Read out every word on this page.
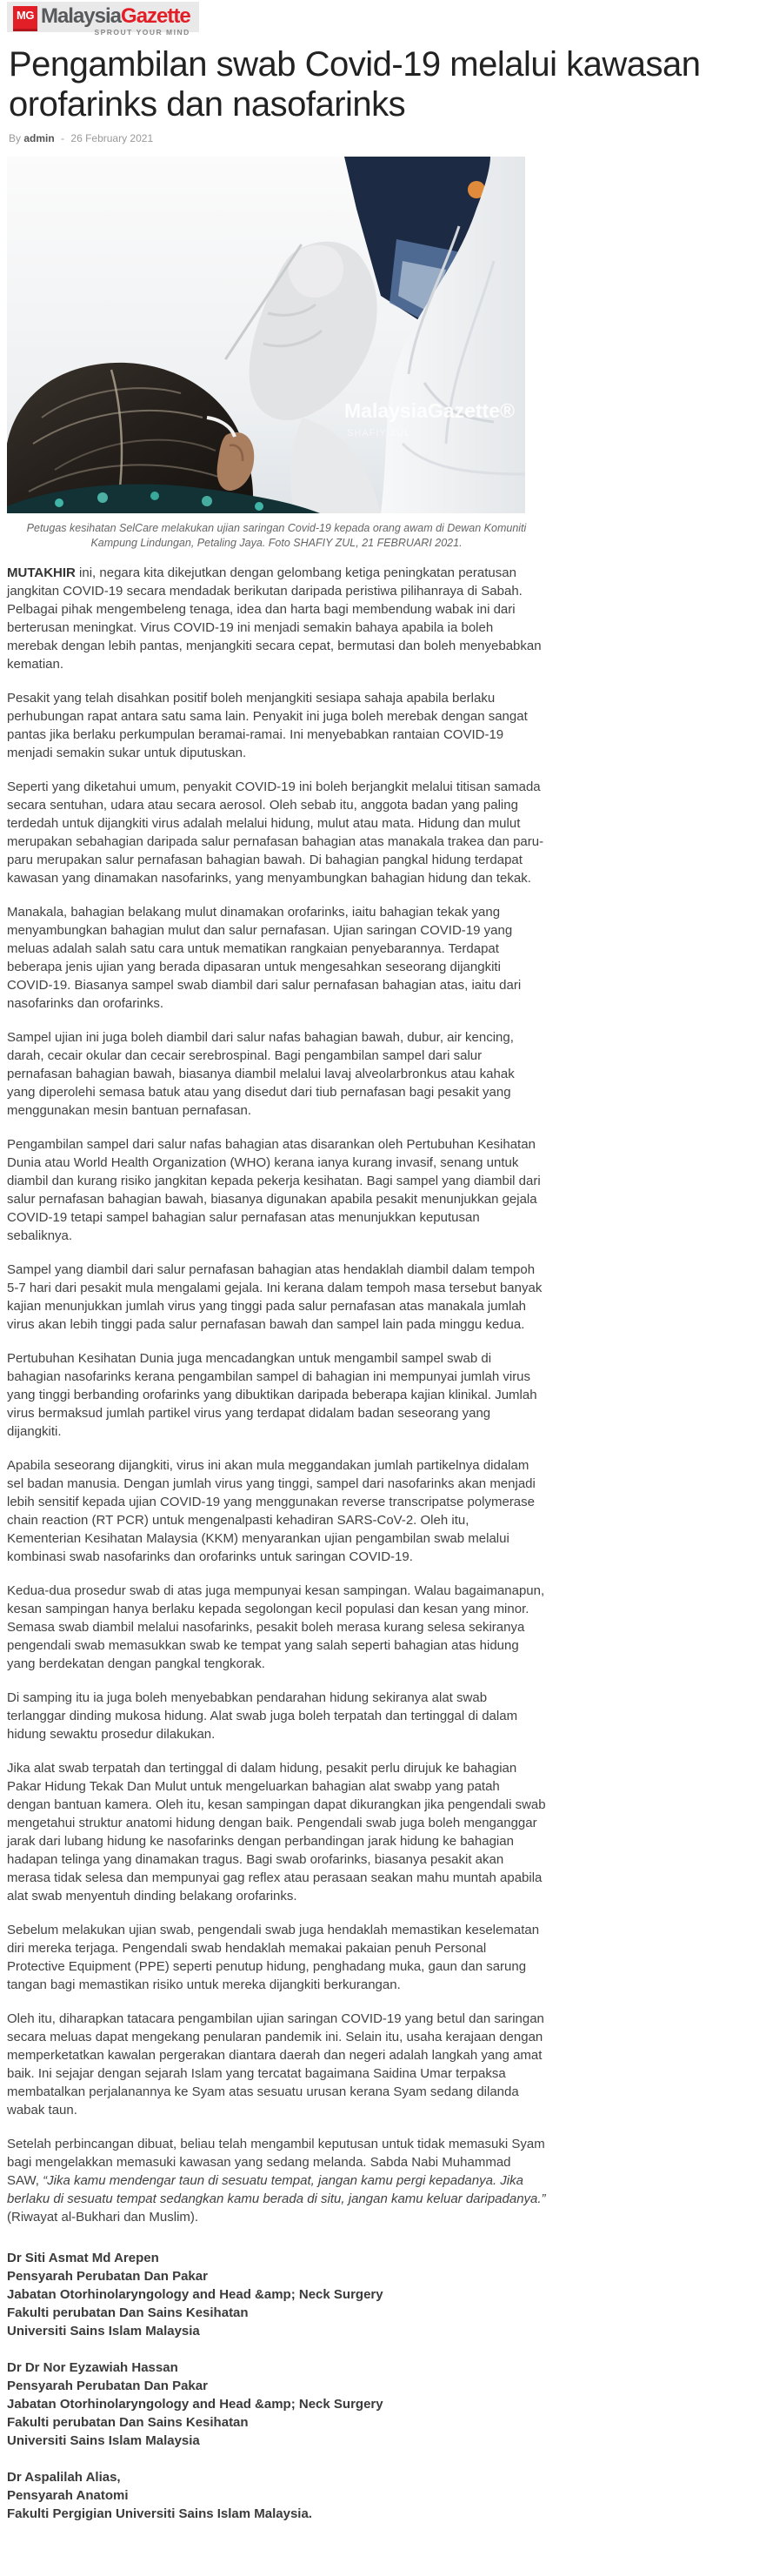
MG MalaysiaGazette
SPROUT YOUR MIND
Pengambilan swab Covid-19 melalui kawasan orofarinks dan nasofarinks
By admin - 26 February 2021
MalaysiaGazette®
SHAFIY ZUL
Petugas kesihatan SelCare melakukan ujian saringan Covid-19 kepada orang awam di Dewan Komuniti Kampung Lindungan, Petaling Jaya. Foto SHAFIY ZUL, 21 FEBRUARI 2021.

MUTAKHIR ini, negara kita dikejutkan dengan gelombang ketiga peningkatan peratusan jangkitan COVID-19 secara mendadak berikutan daripada peristiwa pilihanraya di Sabah. Pelbagai pihak mengembeleng tenaga, idea dan harta bagi membendung wabak ini dari berterusan meningkat. Virus COVID-19 ini menjadi semakin bahaya apabila ia boleh merebak dengan lebih pantas, menjangkiti secara cepat, bermutasi dan boleh menyebabkan kematian.

Pesakit yang telah disahkan positif boleh menjangkiti sesiapa sahaja apabila berlaku perhubungan rapat antara satu sama lain. Penyakit ini juga boleh merebak dengan sangat pantas jika berlaku perkumpulan beramai-ramai. Ini menyebabkan rantaian COVID-19 menjadi semakin sukar untuk diputuskan.

Seperti yang diketahui umum, penyakit COVID-19 ini boleh berjangkit melalui titisan samada secara sentuhan, udara atau secara aerosol. Oleh sebab itu, anggota badan yang paling terdedah untuk dijangkiti virus adalah melalui hidung, mulut atau mata. Hidung dan mulut merupakan sebahagian daripada salur pernafasan bahagian atas manakala trakea dan paru-paru merupakan salur pernafasan bahagian bawah. Di bahagian pangkal hidung terdapat kawasan yang dinamakan nasofarinks, yang menyambungkan bahagian hidung dan tekak.

Manakala, bahagian belakang mulut dinamakan orofarinks, iaitu bahagian tekak yang menyambungkan bahagian mulut dan salur pernafasan. Ujian saringan COVID-19 yang meluas adalah salah satu cara untuk mematikan rangkaian penyebarannya. Terdapat beberapa jenis ujian yang berada dipasaran untuk mengesahkan seseorang dijangkiti COVID-19. Biasanya sampel swab diambil dari salur pernafasan bahagian atas, iaitu dari nasofarinks dan orofarinks.

Sampel ujian ini juga boleh diambil dari salur nafas bahagian bawah, dubur, air kencing, darah, cecair okular dan cecair serebrospinal. Bagi pengambilan sampel dari salur pernafasan bahagian bawah, biasanya diambil melalui lavaj alveolarbronkus atau kahak yang diperolehi semasa batuk atau yang disedut dari tiub pernafasan bagi pesakit yang menggunakan mesin bantuan pernafasan.

Pengambilan sampel dari salur nafas bahagian atas disarankan oleh Pertubuhan Kesihatan Dunia atau World Health Organization (WHO) kerana ianya kurang invasif, senang untuk diambil dan kurang risiko jangkitan kepada pekerja kesihatan. Bagi sampel yang diambil dari salur pernafasan bahagian bawah, biasanya digunakan apabila pesakit menunjukkan gejala COVID-19 tetapi sampel bahagian salur pernafasan atas menunjukkan keputusan sebaliknya.

Sampel yang diambil dari salur pernafasan bahagian atas hendaklah diambil dalam tempoh 5-7 hari dari pesakit mula mengalami gejala. Ini kerana dalam tempoh masa tersebut banyak kajian menunjukkan jumlah virus yang tinggi pada salur pernafasan atas manakala jumlah virus akan lebih tinggi pada salur pernafasan bawah dan sampel lain pada minggu kedua.

Pertubuhan Kesihatan Dunia juga mencadangkan untuk mengambil sampel swab di bahagian nasofarinks kerana pengambilan sampel di bahagian ini mempunyai jumlah virus yang tinggi berbanding orofarinks yang dibuktikan daripada beberapa kajian klinikal. Jumlah virus bermaksud jumlah partikel virus yang terdapat didalam badan seseorang yang dijangkiti.

Apabila seseorang dijangkiti, virus ini akan mula meggandakan jumlah partikelnya didalam sel badan manusia. Dengan jumlah virus yang tinggi, sampel dari nasofarinks akan menjadi lebih sensitif kepada ujian COVID-19 yang menggunakan reverse transcripatse polymerase chain reaction (RT PCR) untuk mengenalpasti kehadiran SARS-CoV-2. Oleh itu, Kementerian Kesihatan Malaysia (KKM) menyarankan ujian pengambilan swab melalui kombinasi swab nasofarinks dan orofarinks untuk saringan COVID-19.

Kedua-dua prosedur swab di atas juga mempunyai kesan sampingan. Walau bagaimanapun, kesan sampingan hanya berlaku kepada segolongan kecil populasi dan kesan yang minor. Semasa swab diambil melalui nasofarinks, pesakit boleh merasa kurang selesa sekiranya pengendali swab memasukkan swab ke tempat yang salah seperti bahagian atas hidung yang berdekatan dengan pangkal tengkorak.

Di samping itu ia juga boleh menyebabkan pendarahan hidung sekiranya alat swab terlanggar dinding mukosa hidung. Alat swab juga boleh terpatah dan tertinggal di dalam hidung sewaktu prosedur dilakukan.

Jika alat swab terpatah dan tertinggal di dalam hidung, pesakit perlu dirujuk ke bahagian Pakar Hidung Tekak Dan Mulut untuk mengeluarkan bahagian alat swabp yang patah dengan bantuan kamera. Oleh itu, kesan sampingan dapat dikurangkan jika pengendali swab mengetahui struktur anatomi hidung dengan baik. Pengendali swab juga boleh menganggar jarak dari lubang hidung ke nasofarinks dengan perbandingan jarak hidung ke bahagian hadapan telinga yang dinamakan tragus. Bagi swab orofarinks, biasanya pesakit akan merasa tidak selesa dan mempunyai gag reflex atau perasaan seakan mahu muntah apabila alat swab menyentuh dinding belakang orofarinks.

Sebelum melakukan ujian swab, pengendali swab juga hendaklah memastikan keselematan diri mereka terjaga. Pengendali swab hendaklah memakai pakaian penuh Personal Protective Equipment (PPE) seperti penutup hidung, penghadang muka, gaun dan sarung tangan bagi memastikan risiko untuk mereka dijangkiti berkurangan.

Oleh itu, diharapkan tatacara pengambilan ujian saringan COVID-19 yang betul dan saringan secara meluas dapat mengekang penularan pandemik ini. Selain itu, usaha kerajaan dengan memperketatkan kawalan pergerakan diantara daerah dan negeri adalah langkah yang amat baik. Ini sejajar dengan sejarah Islam yang tercatat bagaimana Saidina Umar terpaksa membatalkan perjalanannya ke Syam atas sesuatu urusan kerana Syam sedang dilanda wabak taun.

Setelah perbincangan dibuat, beliau telah mengambil keputusan untuk tidak memasuki Syam bagi mengelakkan memasuki kawasan yang sedang melanda. Sabda Nabi Muhammad SAW, “Jika kamu mendengar taun di sesuatu tempat, jangan kamu pergi kepadanya. Jika berlaku di sesuatu tempat sedangkan kamu berada di situ, jangan kamu keluar daripadanya.” (Riwayat al-Bukhari dan Muslim).

Dr Siti Asmat Md Arepen
Pensyarah Perubatan Dan Pakar
Jabatan Otorhinolaryngology and Head &amp; Neck Surgery
Fakulti perubatan Dan Sains Kesihatan
Universiti Sains Islam Malaysia
Dr Dr Nor Eyzawiah Hassan
Pensyarah Perubatan Dan Pakar
Jabatan Otorhinolaryngology and Head &amp; Neck Surgery
Fakulti perubatan Dan Sains Kesihatan
Universiti Sains Islam Malaysia
Dr Aspalilah Alias,
Pensyarah Anatomi
Fakulti Pergigian Universiti Sains Islam Malaysia.
